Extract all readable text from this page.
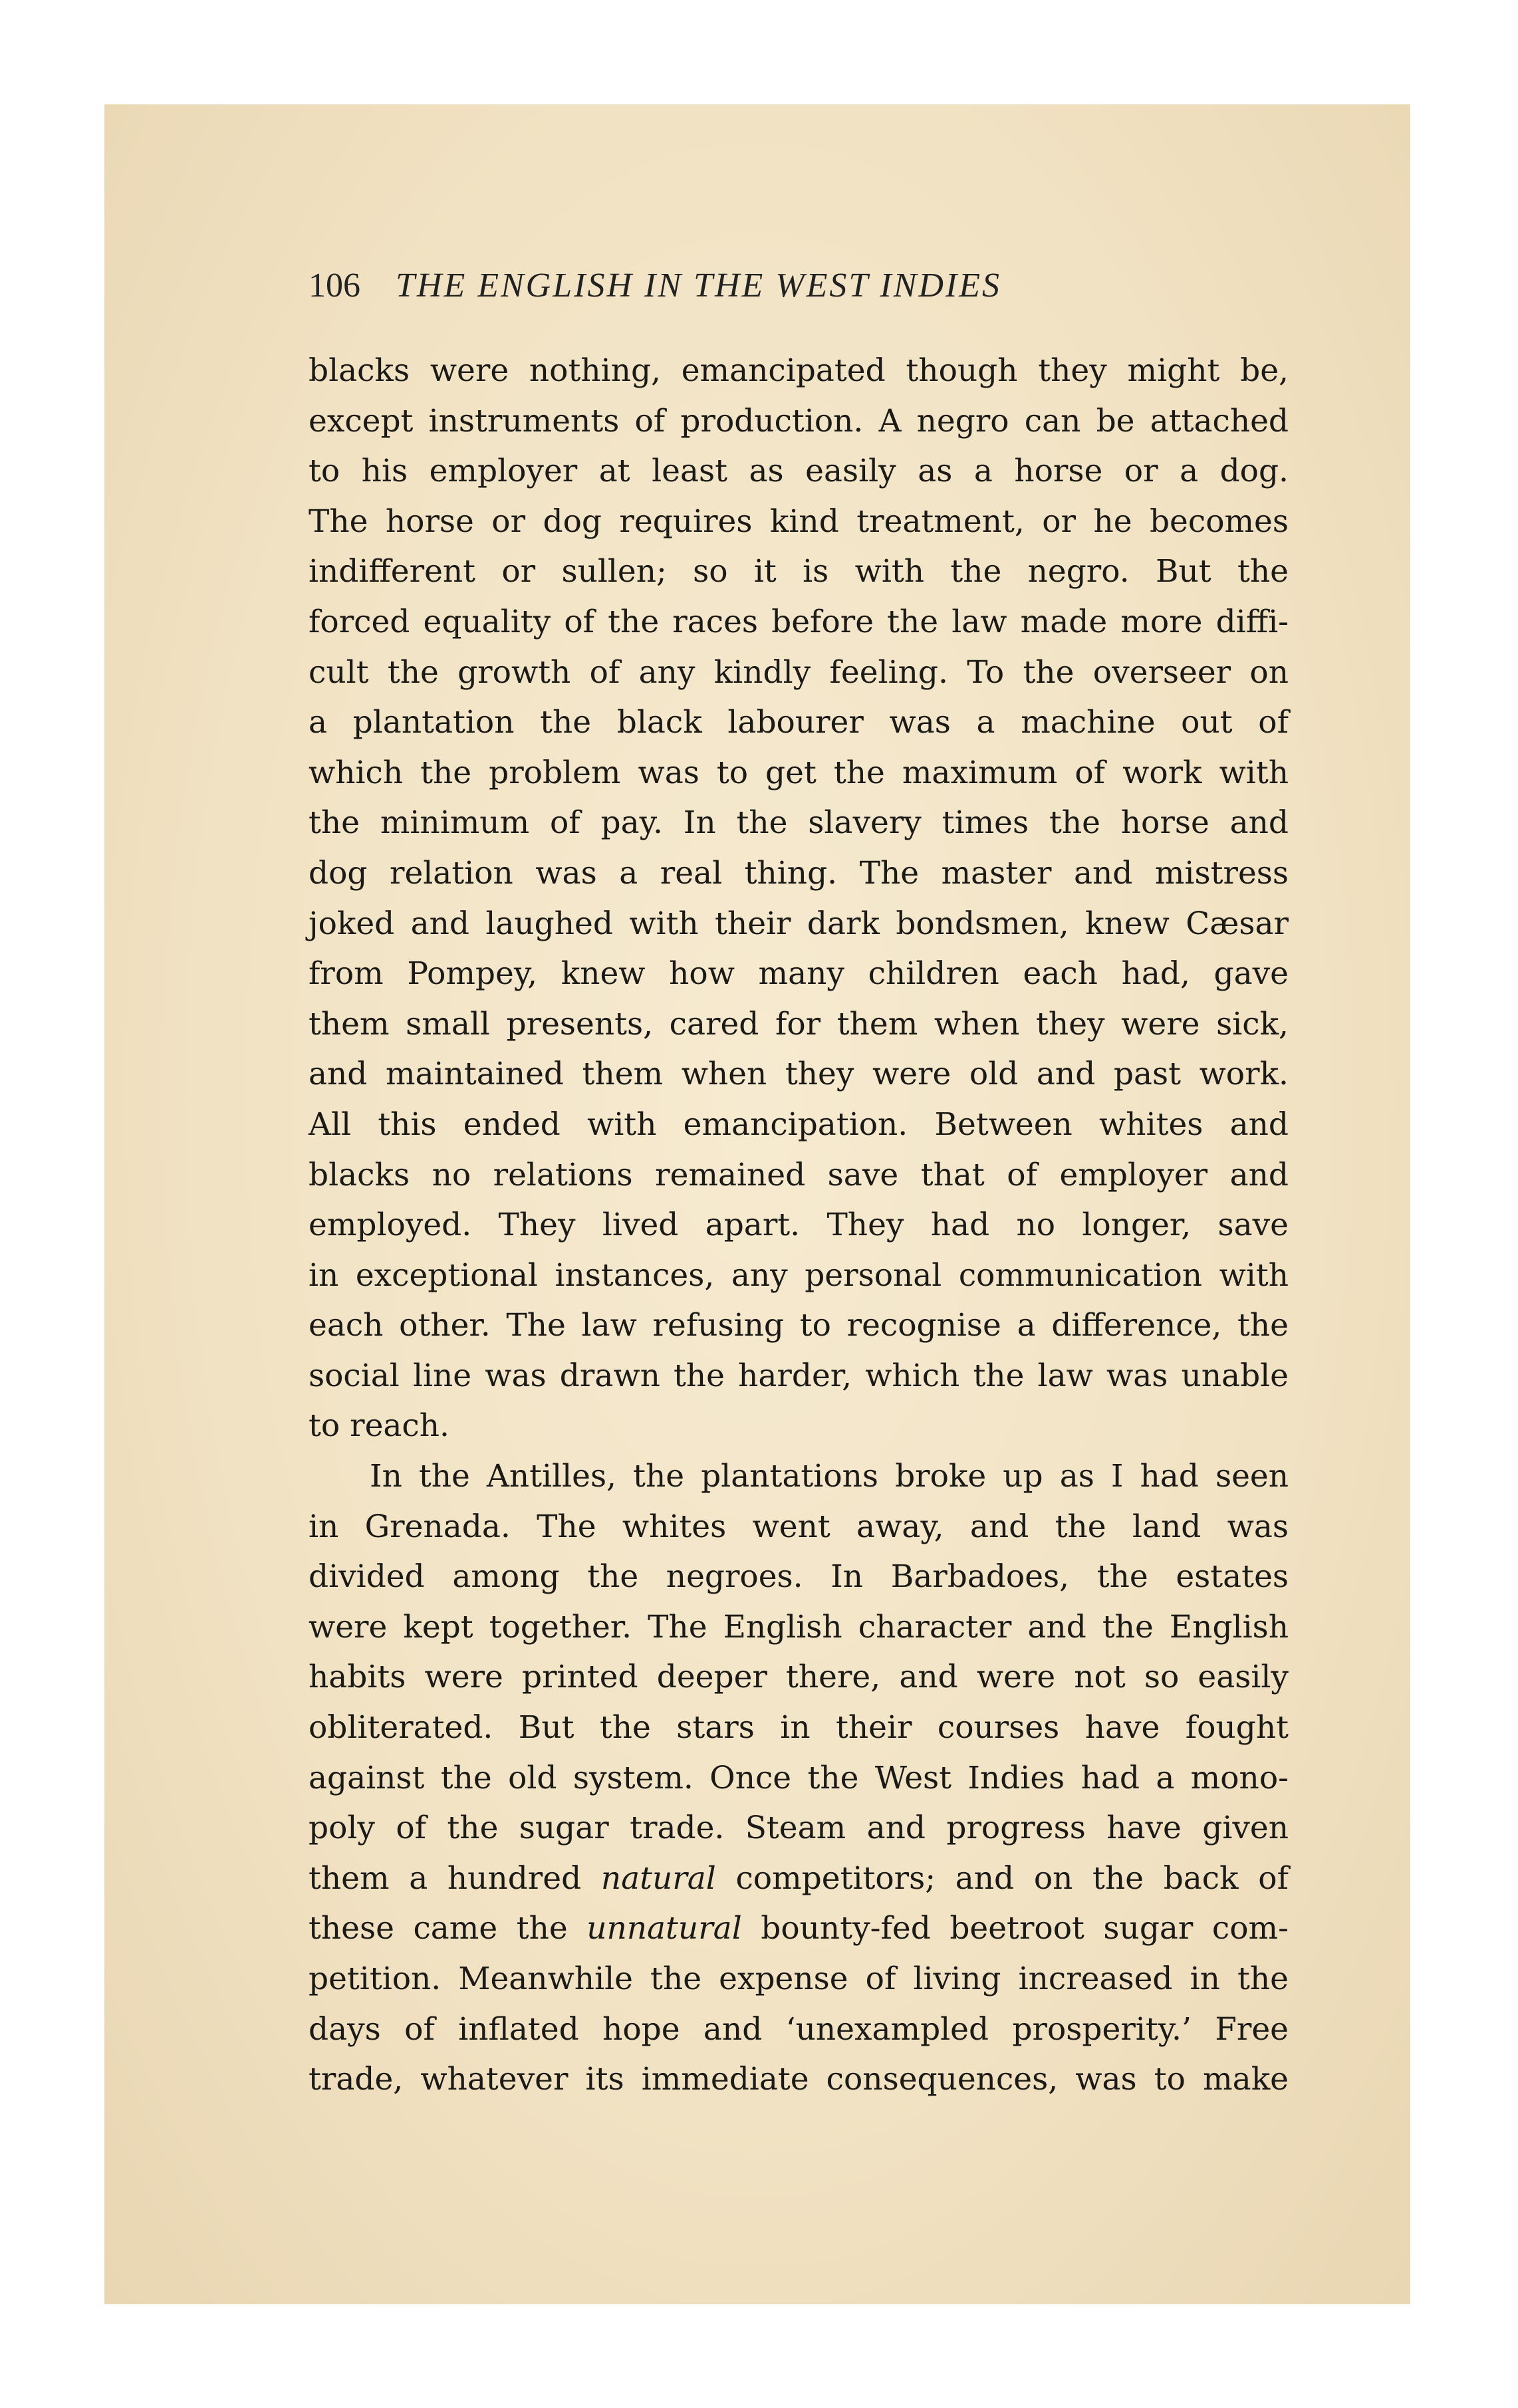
106 THE ENGLISH IN THE WEST INDIES
blacks were nothing, emancipated though they might be,
except instruments of production. A negro can be attached
to his employer at least as easily as a horse or a dog.
The horse or dog requires kind treatment, or he becomes
indifferent or sullen; so it is with the negro. But the
forced equality of the races before the law made more diffi-
cult the growth of any kindly feeling. To the overseer on
a plantation the black labourer was a machine out of
which the problem was to get the maximum of work with
the minimum of pay. In the slavery times the horse and
dog relation was a real thing. The master and mistress
joked and laughed with their dark bondsmen, knew Cæsar
from Pompey, knew how many children each had, gave
them small presents, cared for them when they were sick,
and maintained them when they were old and past work.
All this ended with emancipation. Between whites and
blacks no relations remained save that of employer and
employed. They lived apart. They had no longer, save
in exceptional instances, any personal communication with
each other. The law refusing to recognise a difference, the
social line was drawn the harder, which the law was unable
to reach.
In the Antilles, the plantations broke up as I had seen
in Grenada. The whites went away, and the land was
divided among the negroes. In Barbadoes, the estates
were kept together. The English character and the English
habits were printed deeper there, and were not so easily
obliterated. But the stars in their courses have fought
against the old system. Once the West Indies had a mono-
poly of the sugar trade. Steam and progress have given
them a hundred natural competitors; and on the back of
these came the unnatural bounty-fed beetroot sugar com-
petition. Meanwhile the expense of living increased in the
days of inflated hope and ‘unexampled prosperity.’ Free
trade, whatever its immediate consequences, was to make
